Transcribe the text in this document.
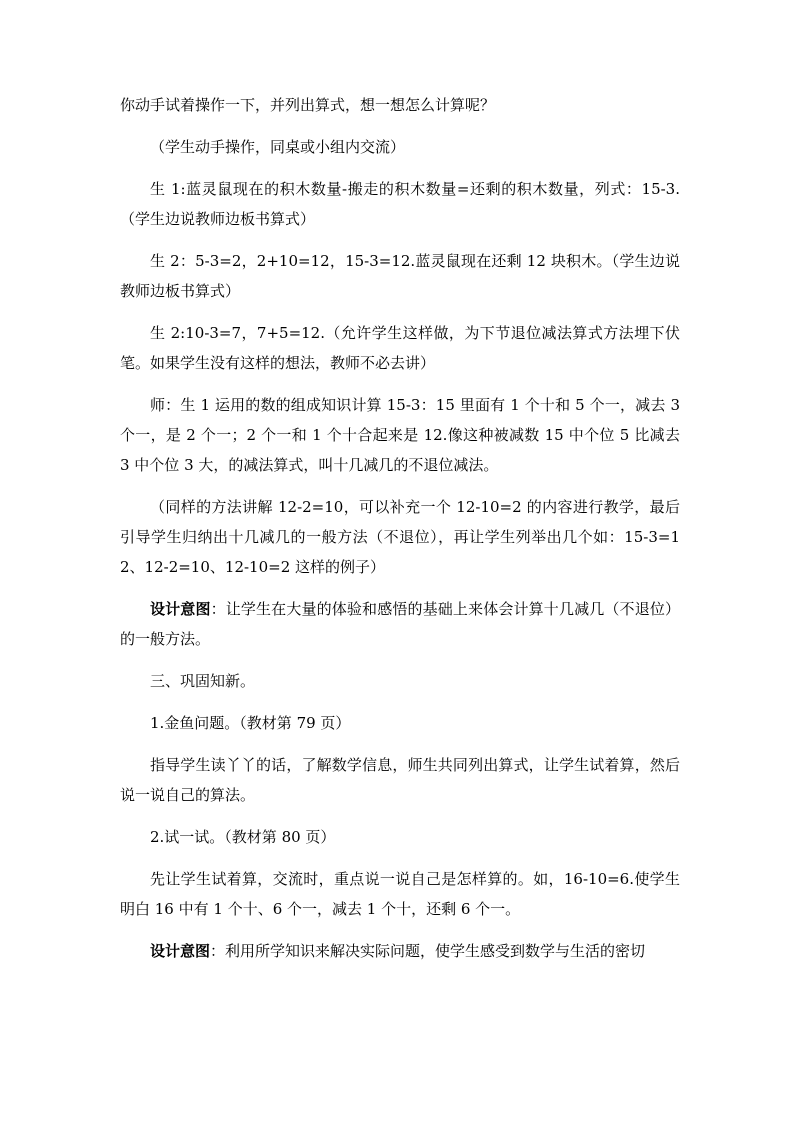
你动手试着操作一下，并列出算式，想一想怎么计算呢？

（学生动手操作，同桌或小组内交流）

生 1:蓝灵鼠现在的积木数量-搬走的积木数量=还剩的积木数量，列式：15-3.（学生边说教师边板书算式）

生 2：5-3=2，2+10=12，15-3=12.蓝灵鼠现在还剩 12 块积木。（学生边说教师边板书算式）

生 2:10-3=7，7+5=12.（允许学生这样做，为下节退位减法算式方法埋下伏笔。如果学生没有这样的想法，教师不必去讲）

师：生 1 运用的数的组成知识计算 15-3：15 里面有 1 个十和 5 个一，减去 3 个一，是 2 个一；2 个一和 1 个十合起来是 12.像这种被减数 15 中个位 5 比减去 3 中个位 3 大，的减法算式，叫十几减几的不退位减法。

（同样的方法讲解 12-2=10，可以补充一个 12-10=2 的内容进行教学，最后引导学生归纳出十几减几的一般方法（不退位），再让学生列举出几个如：15-3=12、12-2=10、12-10=2 这样的例子）

设计意图：让学生在大量的体验和感悟的基础上来体会计算十几减几（不退位）的一般方法。

三、巩固知新。

1.金鱼问题。（教材第 79 页）

指导学生读丫丫的话，了解数学信息，师生共同列出算式，让学生试着算，然后说一说自己的算法。

2.试一试。（教材第 80 页）

先让学生试着算，交流时，重点说一说自己是怎样算的。如，16-10=6.使学生明白 16 中有 1 个十、6 个一，减去 1 个十，还剩 6 个一。

设计意图：利用所学知识来解决实际问题，使学生感受到数学与生活的密切
